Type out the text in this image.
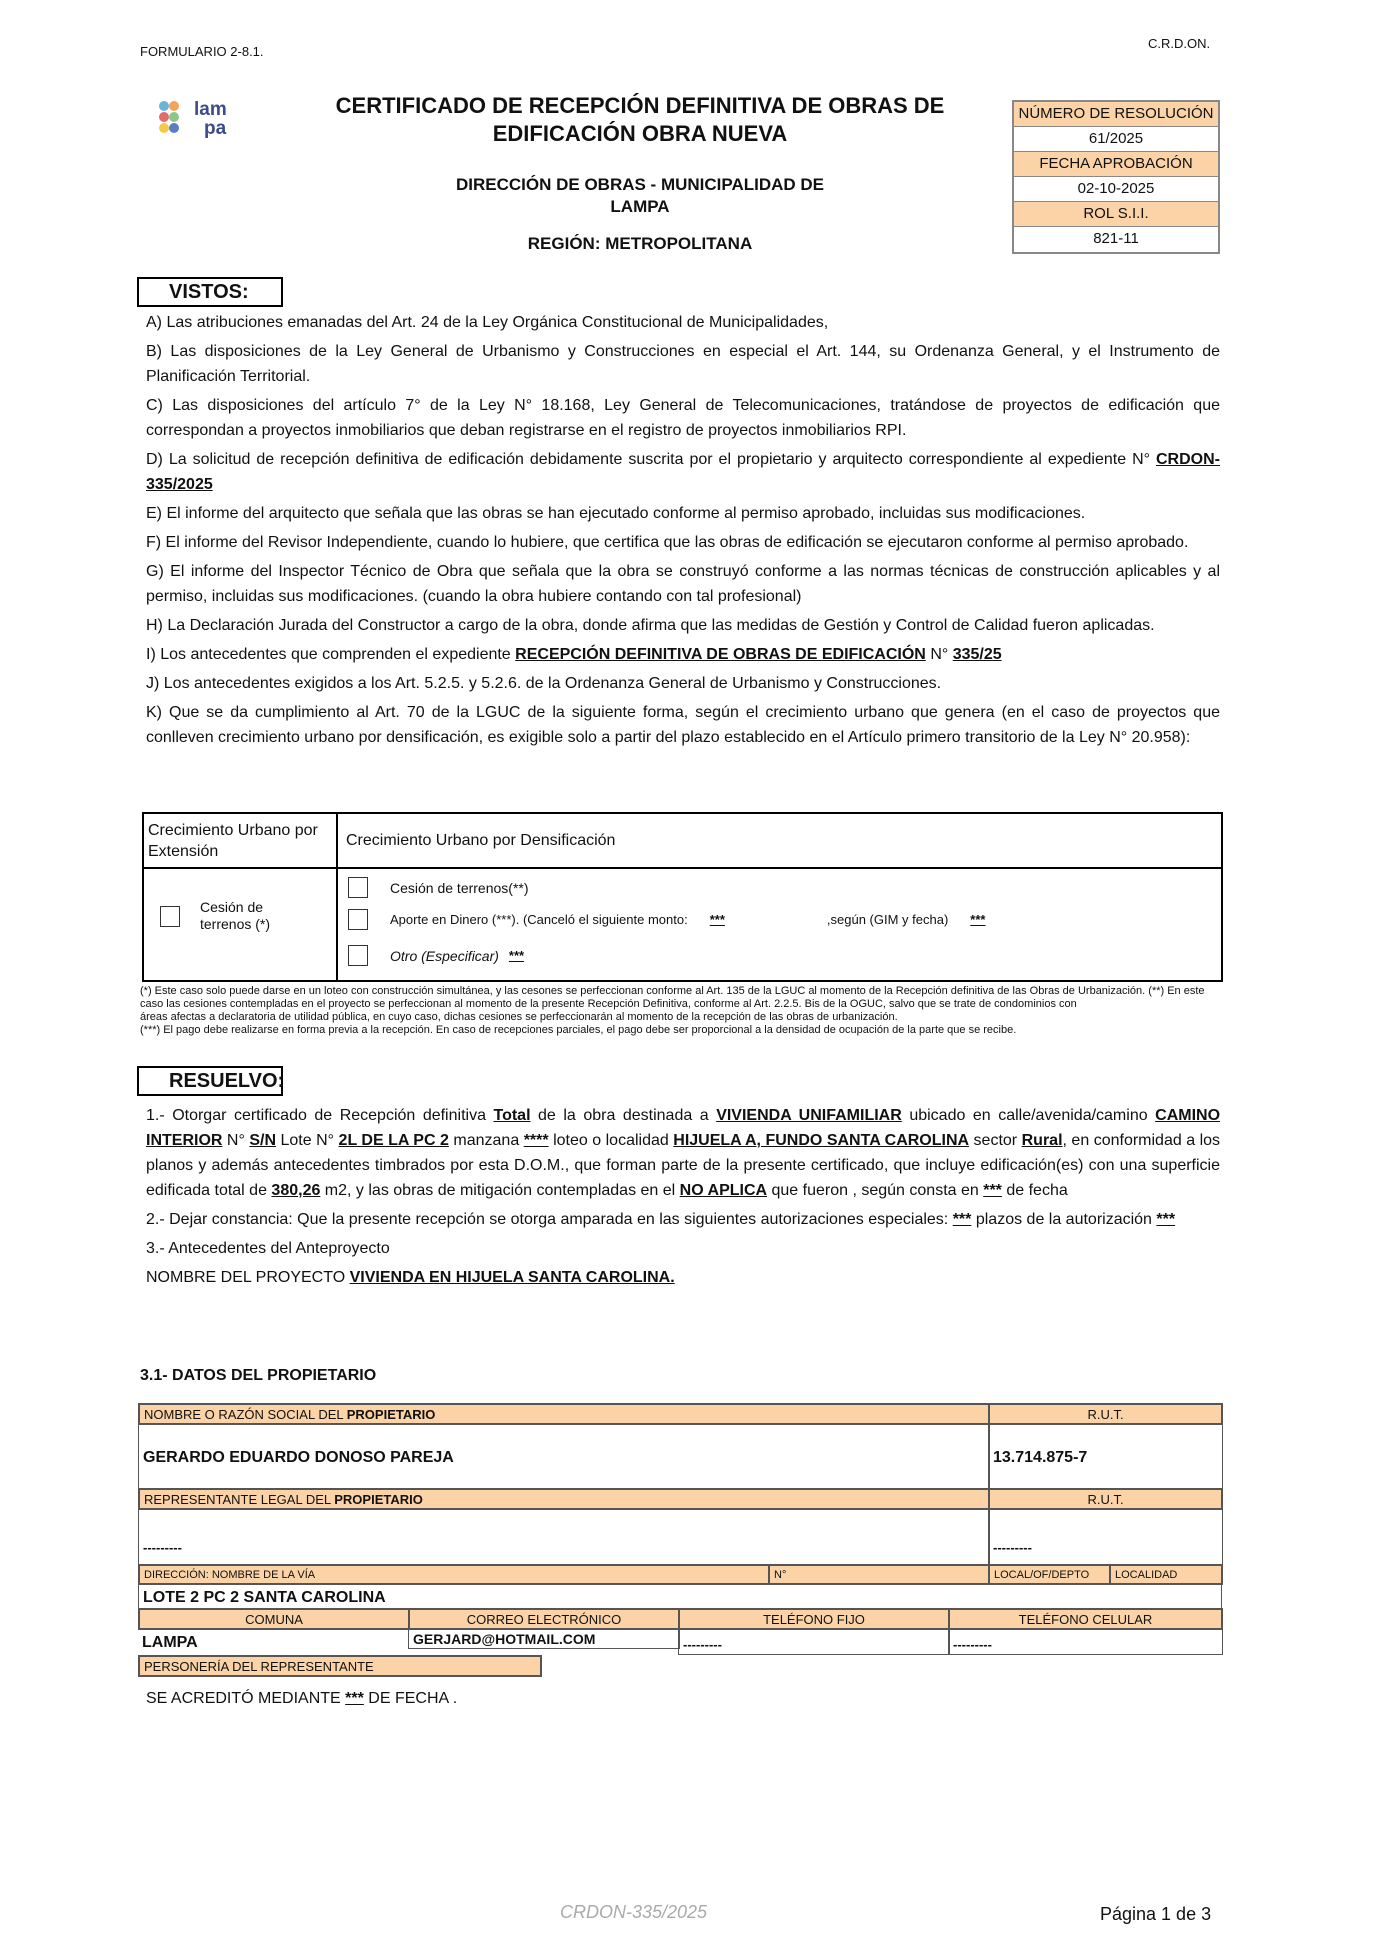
FORMULARIO 2-8.1.
C.R.D.ON.
lam
pa
CERTIFICADO DE RECEPCIÓN DEFINITIVA DE OBRAS DE EDIFICACIÓN OBRA NUEVA
DIRECCIÓN DE OBRAS - MUNICIPALIDAD DE LAMPA
REGIÓN: METROPOLITANA
NÚMERO DE RESOLUCIÓN
61/2025
FECHA APROBACIÓN
02-10-2025
ROL S.I.I.
821-11
VISTOS:

A) Las atribuciones emanadas del Art. 24 de la Ley Orgánica Constitucional de Municipalidades,

B) Las disposiciones de la Ley General de Urbanismo y Construcciones en especial el Art. 144, su Ordenanza General, y el Instrumento de Planificación Territorial.

C) Las disposiciones del artículo 7° de la Ley N° 18.168, Ley General de Telecomunicaciones, tratándose de proyectos de edificación que correspondan a proyectos inmobiliarios que deban registrarse en el registro de proyectos inmobiliarios RPI.

D) La solicitud de recepción definitiva de edificación debidamente suscrita por el propietario y arquitecto correspondiente al expediente N° CRDON-335/2025

E) El informe del arquitecto que señala que las obras se han ejecutado conforme al permiso aprobado, incluidas sus modificaciones.

F) El informe del Revisor Independiente, cuando lo hubiere, que certifica que las obras de edificación se ejecutaron conforme al permiso aprobado.

G) El informe del Inspector Técnico de Obra que señala que la obra se construyó conforme a las normas técnicas de construcción aplicables y al permiso, incluidas sus modificaciones. (cuando la obra hubiere contando con tal profesional)

H) La Declaración Jurada del Constructor a cargo de la obra, donde afirma que las medidas de Gestión y Control de Calidad fueron aplicadas.

I) Los antecedentes que comprenden el expediente RECEPCIÓN DEFINITIVA DE OBRAS DE EDIFICACIÓN N° 335/25

J) Los antecedentes exigidos a los Art. 5.2.5. y 5.2.6. de la Ordenanza General de Urbanismo y Construcciones.

K) Que se da cumplimiento al Art. 70 de la LGUC de la siguiente forma, según el crecimiento urbano que genera (en el caso de proyectos que conlleven crecimiento urbano por densificación, es exigible solo a partir del plazo establecido en el Artículo primero transitorio de la Ley N° 20.958):

Crecimiento Urbano por Extensión
Crecimiento Urbano por Densificación
Cesión de terrenos (*)
Cesión de terrenos(**)
Aporte en Dinero (***). (Canceló el siguiente monto: ***	,según (GIM y fecha) ***
Otro (Especificar) ***
(*) Este caso solo puede darse en un loteo con construcción simultánea, y las cesones se perfeccionan conforme al Art. 135 de la LGUC al momento de la Recepción definitiva de las Obras de Urbanización. (**) En este caso las cesiones contempladas en el proyecto se perfeccionan al momento de la presente Recepción Definitiva, conforme al Art. 2.2.5. Bis de la OGUC, salvo que se trate de condominios con
áreas afectas a declaratoria de utilidad pública, en cuyo caso, dichas cesiones se perfeccionarán al momento de la recepción de las obras de urbanización.
(***) El pago debe realizarse en forma previa a la recepción. En caso de recepciones parciales, el pago debe ser proporcional a la densidad de ocupación de la parte que se recibe.
RESUELVO:

1.- Otorgar certificado de Recepción definitiva Total de la obra destinada a VIVIENDA UNIFAMILIAR ubicado en calle/avenida/camino CAMINO INTERIOR N° S/N Lote N° 2L DE LA PC 2 manzana **** loteo o localidad HIJUELA A, FUNDO SANTA CAROLINA sector Rural, en conformidad a los planos y además antecedentes timbrados por esta D.O.M., que forman parte de la presente certificado, que incluye edificación(es) con una superficie edificada total de 380,26 m2, y las obras de mitigación contempladas en el NO APLICA que fueron , según consta en *** de fecha

2.- Dejar constancia: Que la presente recepción se otorga amparada en las siguientes autorizaciones especiales: *** plazos de la autorización ***

3.- Antecedentes del Anteproyecto

NOMBRE DEL PROYECTO VIVIENDA EN HIJUELA SANTA CAROLINA.

3.1- DATOS DEL PROPIETARIO
NOMBRE O RAZÓN SOCIAL DEL PROPIETARIO	R.U.T.
GERARDO EDUARDO DONOSO PAREJA	13.714.875-7
REPRESENTANTE LEGAL DEL PROPIETARIO	R.U.T.
---------	---------
DIRECCIÓN: NOMBRE DE LA VÍA	N°	LOCAL/OF/DEPTO	LOCALIDAD
LOTE 2 PC 2 SANTA CAROLINA
COMUNA	CORREO ELECTRÓNICO	TELÉFONO FIJO	TELÉFONO CELULAR
LAMPA	GERJARD@HOTMAIL.COM	---------	---------
PERSONERÍA DEL REPRESENTANTE
SE ACREDITÓ MEDIANTE *** DE FECHA .
CRDON-335/2025	Página 1 de 3
